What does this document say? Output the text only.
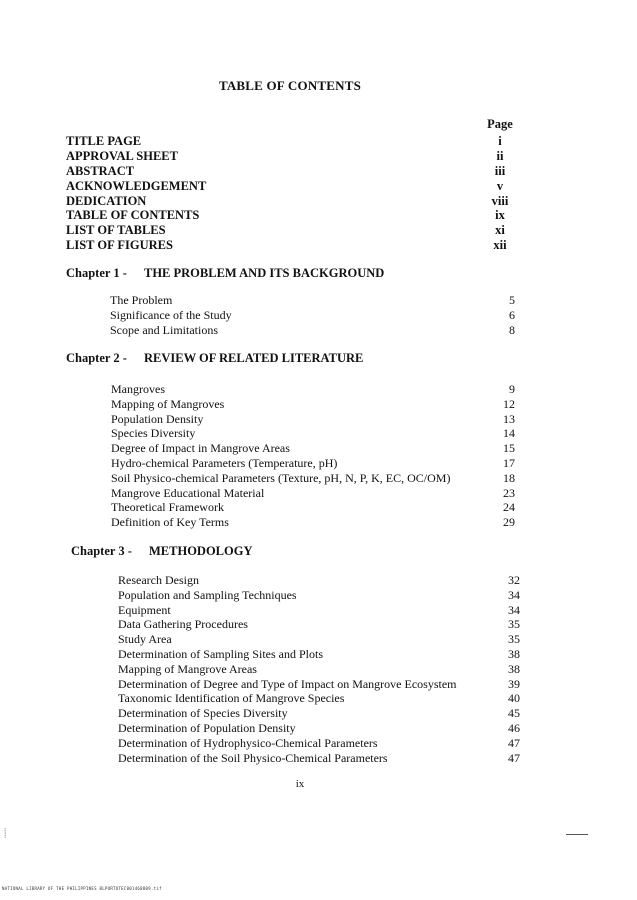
TABLE OF CONTENTS
Page
TITLE PAGE	i
APPROVAL SHEET	ii
ABSTRACT	iii
ACKNOWLEDGEMENT	v
DEDICATION	viii
TABLE OF CONTENTS	ix
LIST OF TABLES	xi
LIST OF FIGURES	xii
Chapter 1 - THE PROBLEM AND ITS BACKGROUND
The Problem	5
Significance of the Study	6
Scope and Limitations	8
Chapter 2 - REVIEW OF RELATED LITERATURE
Mangroves	9
Mapping of Mangroves	12
Population Density	13
Species Diversity	14
Degree of Impact in Mangrove Areas	15
Hydro-chemical Parameters (Temperature, pH)	17
Soil Physico-chemical Parameters (Texture, pH, N, P, K, EC, OC/OM)	18
Mangrove Educational Material	23
Theoretical Framework	24
Definition of Key Terms	29
Chapter 3 - METHODOLOGY
Research Design	32
Population and Sampling Techniques	34
Equipment	34
Data Gathering Procedures	35
Study Area	35
Determination of Sampling Sites and Plots	38
Mapping of Mangrove Areas	38
Determination of Degree and Type of Impact on Mangrove Ecosystem	39
Taxonomic Identification of Mangrove Species	40
Determination of Species Diversity	45
Determination of Population Density	46
Determination of Hydrophysico-Chemical Parameters	47
Determination of the Soil Physico-Chemical Parameters	47
ix
⸽
NATIONAL LIBRARY OF THE PHILIPPINES BLPORTOTEC001468809.tif
